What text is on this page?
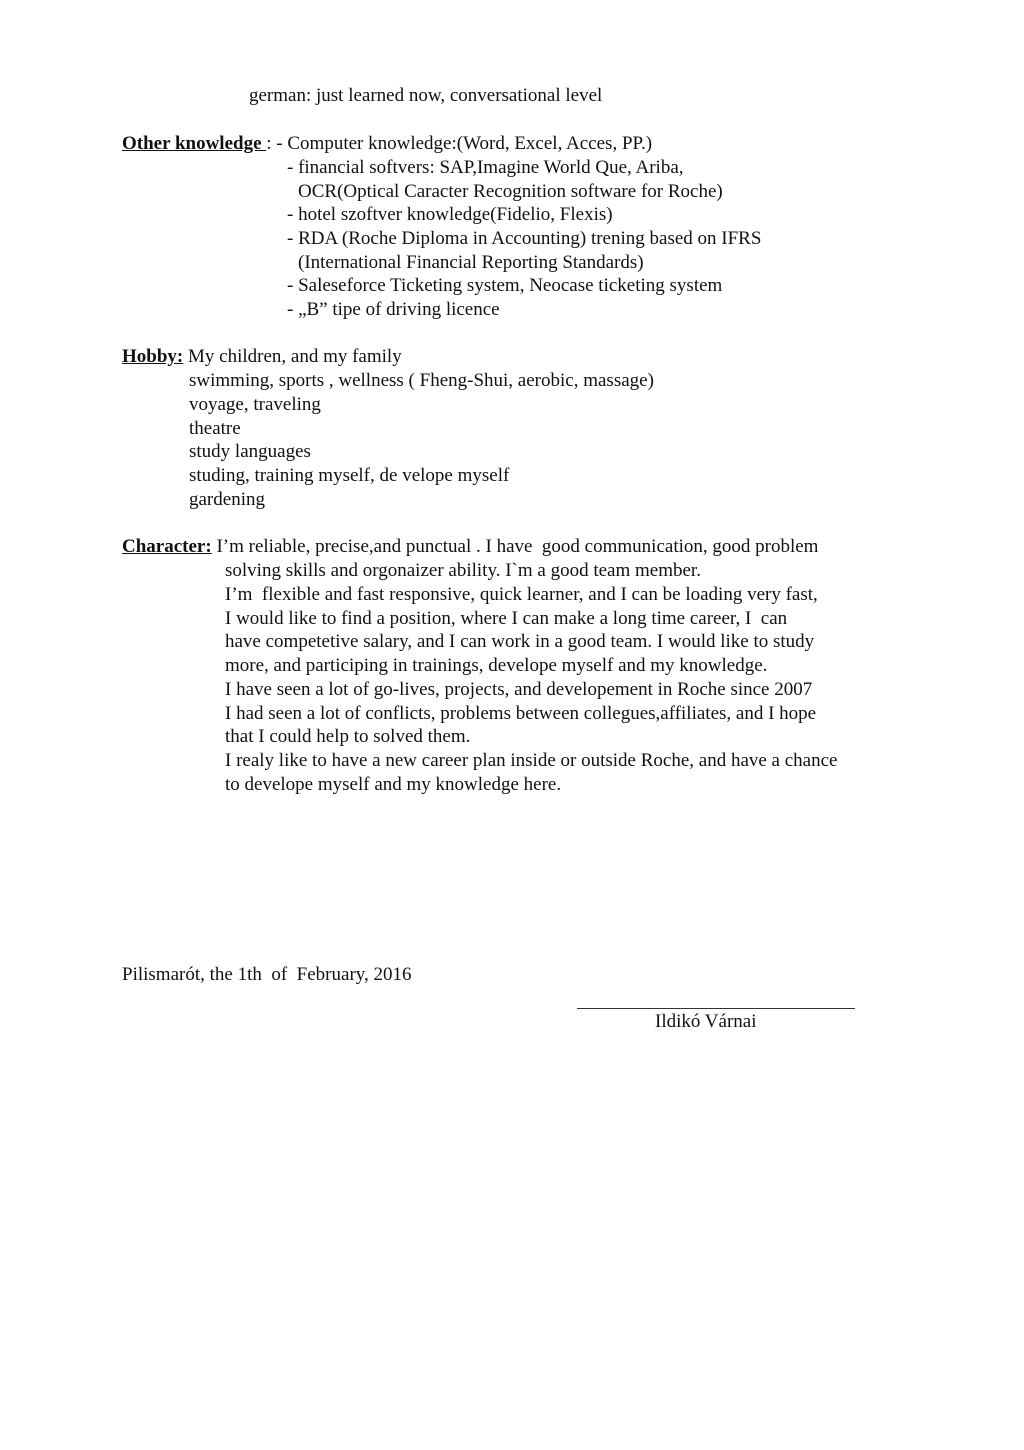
german: just learned now, conversational level
Other knowledge : - Computer knowledge:(Word, Excel, Acces, PP.)
- financial softvers: SAP,Imagine World Que, Ariba,
OCR(Optical Caracter Recognition software for Roche)
- hotel szoftver knowledge(Fidelio, Flexis)
- RDA (Roche Diploma in Accounting) trening based on IFRS
(International Financial Reporting Standards)
- Saleseforce Ticketing system, Neocase ticketing system
- „B” tipe of driving licence
Hobby: My children, and my family
swimming, sports , wellness ( Fheng-Shui, aerobic, massage)
voyage, traveling
theatre
study languages
studing, training myself, de velope myself
gardening
Character: I’m reliable, precise,and punctual . I have  good communication, good problem
solving skills and orgonaizer ability. I`m a good team member.
I’m  flexible and fast responsive, quick learner, and I can be loading very fast,
I would like to find a position, where I can make a long time career, I  can
have competetive salary, and I can work in a good team. I would like to study
more, and participing in trainings, develope myself and my knowledge.
I have seen a lot of go-lives, projects, and developement in Roche since 2007
I had seen a lot of conflicts, problems between collegues,affiliates, and I hope
that I could help to solved them.
I realy like to have a new career plan inside or outside Roche, and have a chance
to develope myself and my knowledge here.
Pilismarót, the 1th  of  February, 2016
Ildikó Várnai
